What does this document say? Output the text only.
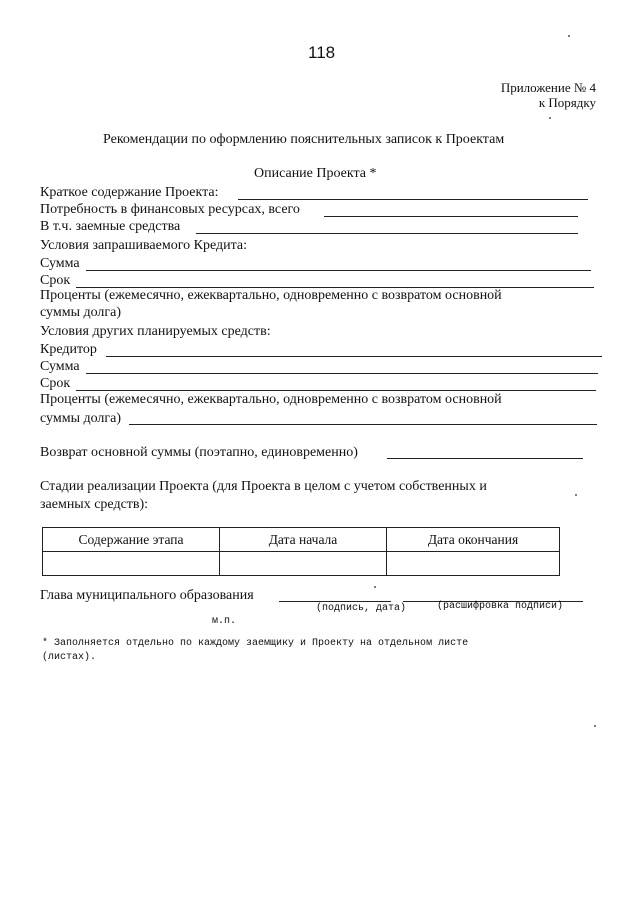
118
Приложение № 4
к Порядку
Рекомендации по оформлению пояснительных записок к Проектам
Описание Проекта *
Краткое содержание Проекта:
Потребность в финансовых ресурсах, всего
В т.ч. заемные средства
Условия запрашиваемого Кредита:
Сумма
Срок
Проценты (ежемесячно, ежеквартально, одновременно с возвратом основной
суммы долга)
Условия других планируемых средств:
Кредитор
Сумма
Срок
Проценты (ежемесячно, ежеквартально, одновременно с возвратом основной
суммы долга)
Возврат основной суммы (поэтапно, единовременно)
Стадии реализации Проекта (для Проекта в целом с учетом собственных и
заемных средств):
Содержание этапа	Дата начала	Дата окончания

Глава муниципального образования
(подпись, дата)	(расшифровка подписи)
м.п.
* Заполняется отдельно по каждому заемщику и Проекту на отдельном листе
(листах).
